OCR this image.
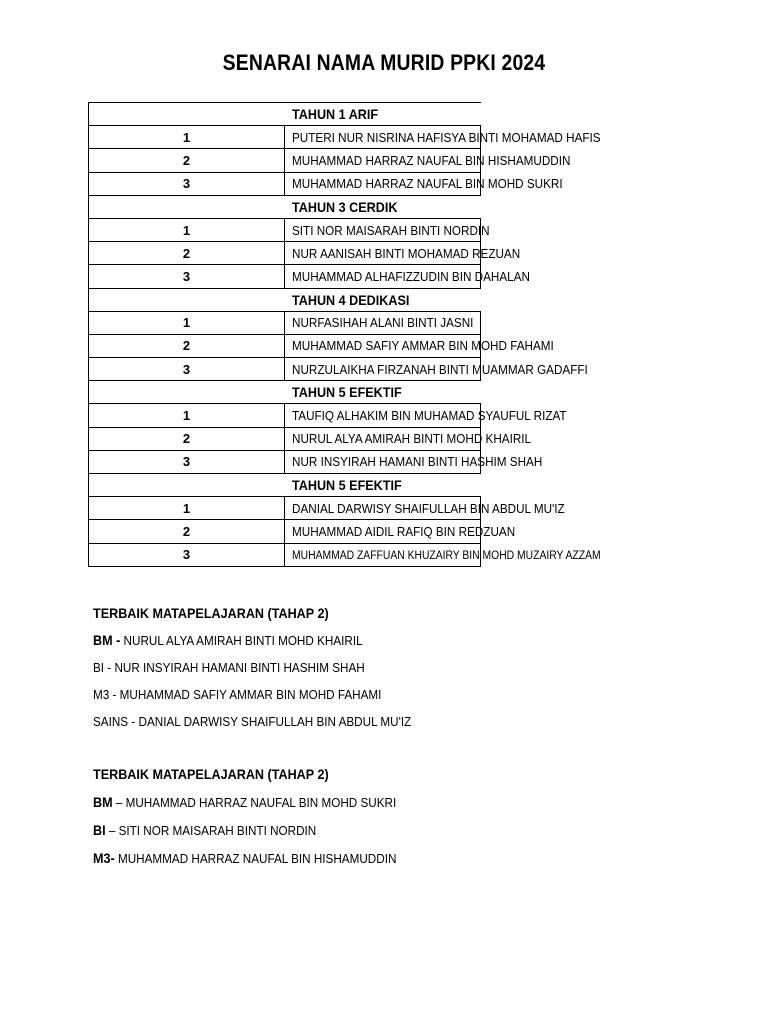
SENARAI NAMA MURID PPKI 2024
	TAHUN 1 ARIF
1	PUTERI NUR NISRINA HAFISYA BINTI MOHAMAD HAFIS
2	MUHAMMAD HARRAZ NAUFAL BIN HISHAMUDDIN
3	MUHAMMAD HARRAZ NAUFAL BIN MOHD SUKRI
	TAHUN 3 CERDIK
1	SITI NOR MAISARAH BINTI NORDIN
2	NUR AANISAH BINTI MOHAMAD REZUAN
3	MUHAMMAD ALHAFIZZUDIN BIN DAHALAN
	TAHUN 4 DEDIKASI
1	NURFASIHAH ALANI BINTI JASNI
2	MUHAMMAD SAFIY AMMAR BIN MOHD FAHAMI
3	NURZULAIKHA FIRZANAH BINTI MUAMMAR GADAFFI
	TAHUN 5 EFEKTIF
1	TAUFIQ ALHAKIM BIN MUHAMAD SYAUFUL RIZAT
2	NURUL ALYA AMIRAH BINTI MOHD KHAIRIL
3	NUR INSYIRAH HAMANI BINTI HASHIM SHAH
	TAHUN 5 EFEKTIF
1	DANIAL DARWISY SHAIFULLAH BIN ABDUL MU'IZ
2	MUHAMMAD AIDIL RAFIQ BIN REDZUAN
3	MUHAMMAD ZAFFUAN KHUZAIRY BIN MOHD MUZAIRY AZZAM
TERBAIK MATAPELAJARAN (TAHAP 2)
BM - NURUL ALYA AMIRAH BINTI MOHD KHAIRIL
BI - NUR INSYIRAH HAMANI BINTI HASHIM SHAH
M3 - MUHAMMAD SAFIY AMMAR BIN MOHD FAHAMI
SAINS - DANIAL DARWISY SHAIFULLAH BIN ABDUL MU'IZ
TERBAIK MATAPELAJARAN (TAHAP 2)
BM – MUHAMMAD HARRAZ NAUFAL BIN MOHD SUKRI
BI – SITI NOR MAISARAH BINTI NORDIN
M3- MUHAMMAD HARRAZ NAUFAL BIN HISHAMUDDIN
